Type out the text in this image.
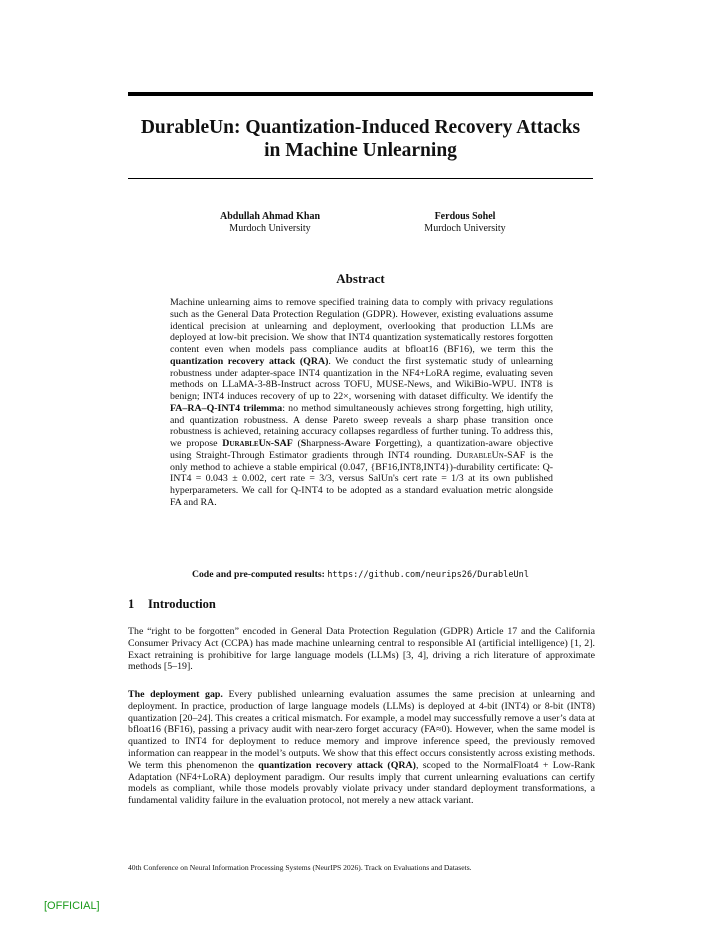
DurableUn: Quantization-Induced Recovery Attacks
in Machine Unlearning
Abdullah Ahmad Khan
Murdoch University
Ferdous Sohel
Murdoch University
Abstract
Machine unlearning aims to remove specified training data to comply with privacy regulations such as the General Data Protection Regulation (GDPR). However, existing evaluations assume identical precision at unlearning and deployment, overlooking that production LLMs are deployed at low-bit precision. We show that INT4 quantization systematically restores forgotten content even when models pass compliance audits at bfloat16 (BF16), we term this the quantization recovery attack (QRA). We conduct the first systematic study of unlearning robustness under adapter-space INT4 quantization in the NF4+LoRA regime, evaluating seven methods on LLaMA-3-8B-Instruct across TOFU, MUSE-News, and WikiBio-WPU. INT8 is benign; INT4 induces recovery of up to 22×, worsening with dataset difficulty. We identify the FA–RA–Q-INT4 trilemma: no method simultaneously achieves strong forgetting, high utility, and quantization robustness. A dense Pareto sweep reveals a sharp phase transition once robustness is achieved, retaining accuracy collapses regardless of further tuning. To address this, we propose DurableUn-SAF (Sharpness-Aware Forgetting), a quantization-aware objective using Straight-Through Estimator gradients through INT4 rounding. DurableUn-SAF is the only method to achieve a stable empirical (0.047, {BF16,INT8,INT4})-durability certificate: Q-INT4 = 0.043 ± 0.002, cert rate = 3/3, versus SalUn's cert rate = 1/3 at its own published hyperparameters. We call for Q-INT4 to be adopted as a standard evaluation metric alongside FA and RA.
Code and pre-computed results: https://github.com/neurips26/DurableUnl
1 Introduction
The “right to be forgotten” encoded in General Data Protection Regulation (GDPR) Article 17 and the California Consumer Privacy Act (CCPA) has made machine unlearning central to responsible AI (artificial intelligence) [1, 2]. Exact retraining is prohibitive for large language models (LLMs) [3, 4], driving a rich literature of approximate methods [5–19].
The deployment gap. Every published unlearning evaluation assumes the same precision at unlearning and deployment. In practice, production of large language models (LLMs) is deployed at 4-bit (INT4) or 8-bit (INT8) quantization [20–24]. This creates a critical mismatch. For example, a model may successfully remove a user’s data at bfloat16 (BF16), passing a privacy audit with near-zero forget accuracy (FA≈0). However, when the same model is quantized to INT4 for deployment to reduce memory and improve inference speed, the previously removed information can reappear in the model’s outputs. We show that this effect occurs consistently across existing methods. We term this phenomenon the quantization recovery attack (QRA), scoped to the NormalFloat4 + Low-Rank Adaptation (NF4+LoRA) deployment paradigm. Our results imply that current unlearning evaluations can certify models as compliant, while those models provably violate privacy under standard deployment transformations, a fundamental validity failure in the evaluation protocol, not merely a new attack variant.
40th Conference on Neural Information Processing Systems (NeurIPS 2026). Track on Evaluations and Datasets.
[OFFICIAL]
